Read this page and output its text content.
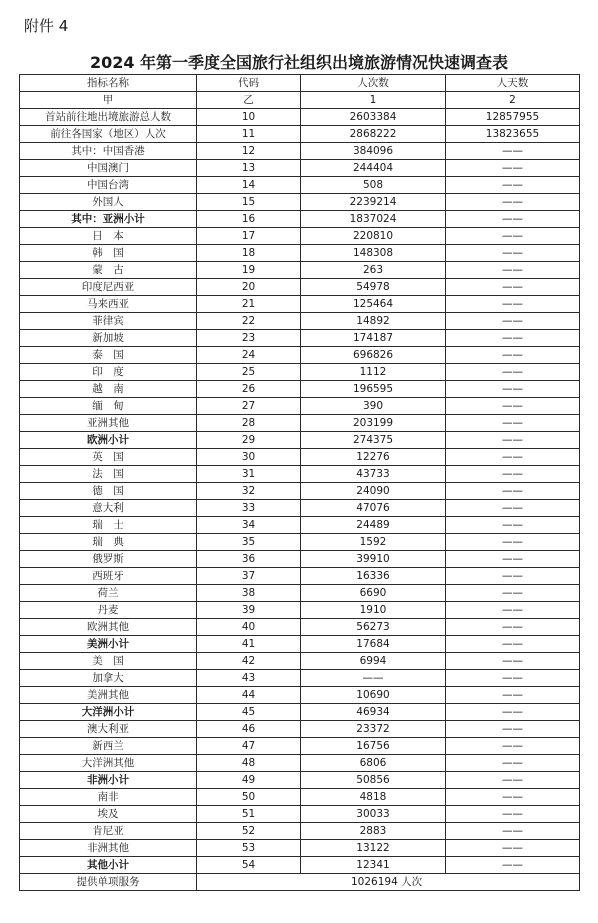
附件 4
2024 年第一季度全国旅行社组织出境旅游情况快速调查表
指标名称	代码	人次数	人天数
甲	乙	1	2
首站前往地出境旅游总人数	10	2603384	12857955
前往各国家（地区）人次	11	2868222	13823655
其中：中国香港	12	384096	——
中国澳门	13	244404	——
中国台湾	14	508	——
外国人	15	2239214	——
其中：亚洲小计	16	1837024	——
日　本	17	220810	——
韩　国	18	148308	——
蒙　古	19	263	——
印度尼西亚	20	54978	——
马来西亚	21	125464	——
菲律宾	22	14892	——
新加坡	23	174187	——
泰　国	24	696826	——
印　度	25	1112	——
越　南	26	196595	——
缅　甸	27	390	——
亚洲其他	28	203199	——
欧洲小计	29	274375	——
英　国	30	12276	——
法　国	31	43733	——
德　国	32	24090	——
意大利	33	47076	——
瑞　士	34	24489	——
瑞　典	35	1592	——
俄罗斯	36	39910	——
西班牙	37	16336	——
荷兰	38	6690	——
丹麦	39	1910	——
欧洲其他	40	56273	——
美洲小计	41	17684	——
美　国	42	6994	——
加拿大	43	——	——
美洲其他	44	10690	——
大洋洲小计	45	46934	——
澳大利亚	46	23372	——
新西兰	47	16756	——
大洋洲其他	48	6806	——
非洲小计	49	50856	——
南非	50	4818	——
埃及	51	30033	——
肯尼亚	52	2883	——
非洲其他	53	13122	——
其他小计	54	12341	——
提供单项服务	1026194 人次		
